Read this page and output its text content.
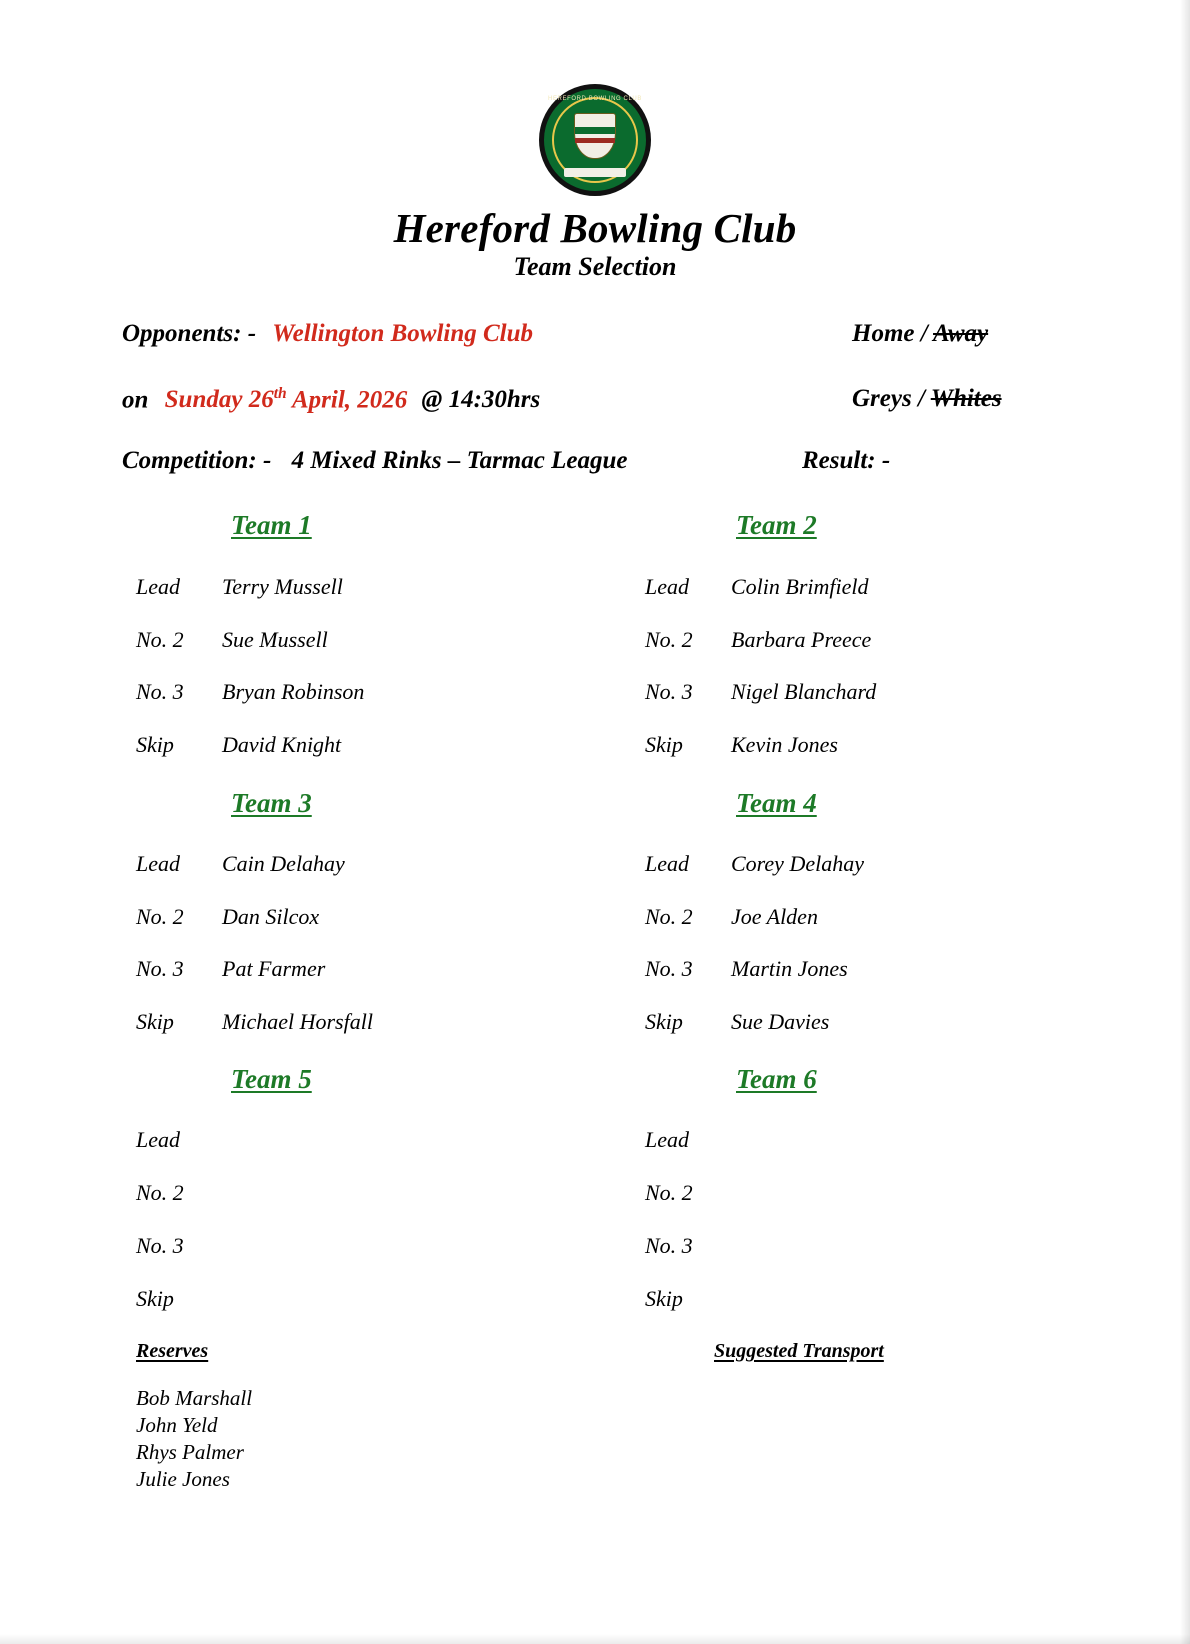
HEREFORD BOWLING CLUB
Hereford Bowling Club
Team Selection
Opponents: - Wellington Bowling Club	Home / Away
on Sunday 26th April, 2026 @ 14:30hrs	Greys / Whites
Competition: - 4 Mixed Rinks – Tarmac League	Result: -
Team 1
Lead	Terry Mussell
No. 2	Sue Mussell
No. 3	Bryan Robinson
Skip	David Knight
Team 2
Lead	Colin Brimfield
No. 2	Barbara Preece
No. 3	Nigel Blanchard
Skip	Kevin Jones
Team 3
Lead	Cain Delahay
No. 2	Dan Silcox
No. 3	Pat Farmer
Skip	Michael Horsfall
Team 4
Lead	Corey Delahay
No. 2	Joe Alden
No. 3	Martin Jones
Skip	Sue Davies
Team 5
Lead
No. 2
No. 3
Skip
Team 6
Lead
No. 2
No. 3
Skip
Reserves	Suggested Transport
Bob Marshall
John Yeld
Rhys Palmer
Julie Jones
